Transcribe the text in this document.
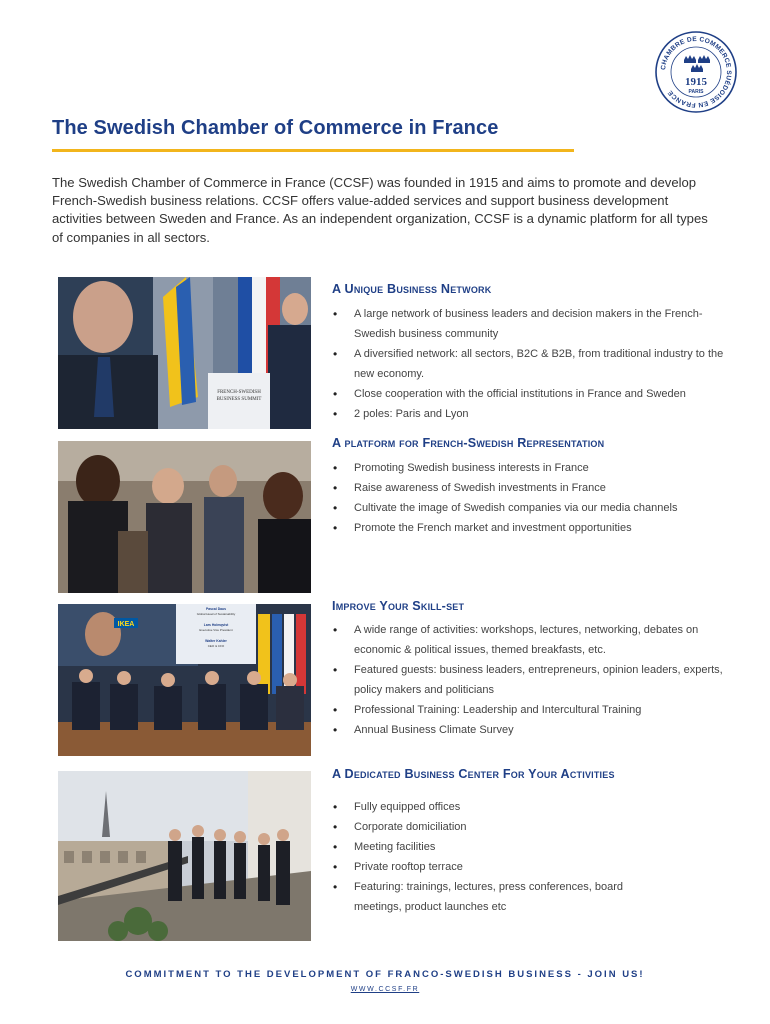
CHAMBRE DE COMMERCE SUÉDOISE EN FRANCE
1915
PARIS
The Swedish Chamber of Commerce in France

The Swedish Chamber of Commerce in France (CCSF) was founded in 1915 and aims to promote and develop French-Swedish business relations. CCSF offers value-added services and support business development activities between Sweden and France. As an independent organization, CCSF is a dynamic platform for all types of companies in all sectors.

FRENCH-SWEDISH
BUSINESS SUMMIT
IKEA
Pascal Daus
Global Head of Sustainability
Lars Holmqvist
Executive Vice President
Walter Kahler
CEO & CFO
A Unique Business Network
• A large network of business leaders and decision makers in the French-Swedish business community
• A diversified network: all sectors, B2C & B2B, from traditional industry to the new economy.
• Close cooperation with the official institutions in France and Sweden
• 2 poles: Paris and Lyon
A platform for French-Swedish Representation
• Promoting Swedish business interests in France
• Raise awareness of Swedish investments in France
• Cultivate the image of Swedish companies via our media channels
• Promote the French market and investment opportunities
Improve Your Skill-set
• A wide range of activities: workshops, lectures, networking, debates on economic & political issues, themed breakfasts, etc.
• Featured guests: business leaders, entrepreneurs, opinion leaders, experts, policy makers and politicians
• Professional Training: Leadership and Intercultural Training
• Annual Business Climate Survey
A Dedicated Business Center For Your Activities
• Fully equipped offices
• Corporate domiciliation
• Meeting facilities
• Private rooftop terrace
• Featuring: trainings, lectures, press conferences, board meetings, product launches etc

COMMITMENT TO THE DEVELOPMENT OF FRANCO-SWEDISH BUSINESS - JOIN US!

WWW.CCSF.FR
